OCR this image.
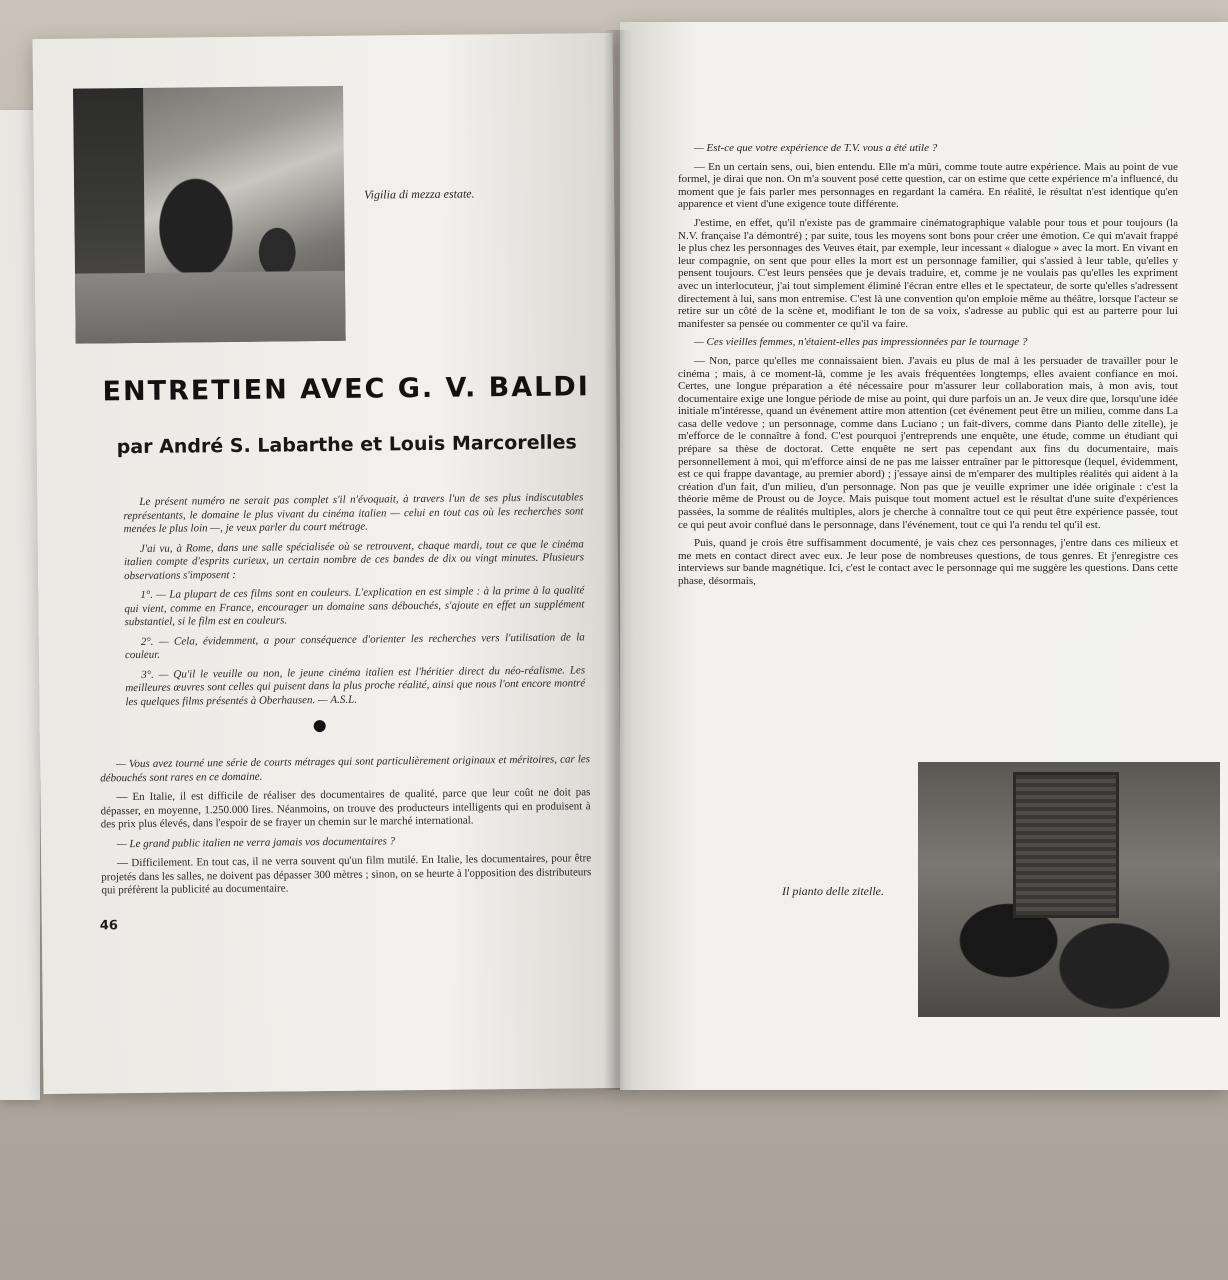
Vigilia di mezza estate.
ENTRETIEN AVEC G. V. BALDI
par André S. Labarthe et Louis Marcorelles

Le présent numéro ne serait pas complet s'il n'évoquait, à travers l'un de ses plus indiscutables représentants, le domaine le plus vivant du cinéma italien — celui en tout cas où les recherches sont menées le plus loin —, je veux parler du court métrage.

J'ai vu, à Rome, dans une salle spécialisée où se retrouvent, chaque mardi, tout ce que le cinéma italien compte d'esprits curieux, un certain nombre de ces bandes de dix ou vingt minutes. Plusieurs observations s'imposent :

1°. — La plupart de ces films sont en couleurs. L'explication en est simple : à la prime à la qualité qui vient, comme en France, encourager un domaine sans débouchés, s'ajoute en effet un supplément substantiel, si le film est en couleurs.

2°. — Cela, évidemment, a pour conséquence d'orienter les recherches vers l'utilisation de la couleur.

3°. — Qu'il le veuille ou non, le jeune cinéma italien est l'héritier direct du néo-réalisme. Les meilleures œuvres sont celles qui puisent dans la plus proche réalité, ainsi que nous l'ont encore montré les quelques films présentés à Oberhausen. — A.S.L.

— Vous avez tourné une série de courts métrages qui sont particulièrement originaux et méritoires, car les débouchés sont rares en ce domaine.

— En Italie, il est difficile de réaliser des documentaires de qualité, parce que leur coût ne doit pas dépasser, en moyenne, 1.250.000 lires. Néanmoins, on trouve des producteurs intelligents qui en produisent à des prix plus élevés, dans l'espoir de se frayer un chemin sur le marché international.

— Le grand public italien ne verra jamais vos documentaires ?

— Difficilement. En tout cas, il ne verra souvent qu'un film mutilé. En Italie, les documentaires, pour être projetés dans les salles, ne doivent pas dépasser 300 mètres ; sinon, on se heurte à l'opposition des distributeurs qui préfèrent la publicité au documentaire.

46

— Est-ce que votre expérience de T.V. vous a été utile ?

— En un certain sens, oui, bien entendu. Elle m'a mûri, comme toute autre expérience. Mais au point de vue formel, je dirai que non. On m'a souvent posé cette question, car on estime que cette expérience m'a influencé, du moment que je fais parler mes personnages en regardant la caméra. En réalité, le résultat n'est identique qu'en apparence et vient d'une exigence toute différente.

J'estime, en effet, qu'il n'existe pas de grammaire cinématographique valable pour tous et pour toujours (la N.V. française l'a démontré) ; par suite, tous les moyens sont bons pour créer une émotion. Ce qui m'avait frappé le plus chez les personnages des Veuves était, par exemple, leur incessant « dialogue » avec la mort. En vivant en leur compagnie, on sent que pour elles la mort est un personnage familier, qui s'assied à leur table, qu'elles y pensent toujours. C'est leurs pensées que je devais traduire, et, comme je ne voulais pas qu'elles les expriment avec un interlocuteur, j'ai tout simplement éliminé l'écran entre elles et le spectateur, de sorte qu'elles s'adressent directement à lui, sans mon entremise. C'est là une convention qu'on emploie même au théâtre, lorsque l'acteur se retire sur un côté de la scène et, modifiant le ton de sa voix, s'adresse au public qui est au parterre pour lui manifester sa pensée ou commenter ce qu'il va faire.

— Ces vieilles femmes, n'étaient-elles pas impressionnées par le tournage ?

— Non, parce qu'elles me connaissaient bien. J'avais eu plus de mal à les persuader de travailler pour le cinéma ; mais, à ce moment-là, comme je les avais fréquentées longtemps, elles avaient confiance en moi. Certes, une longue préparation a été nécessaire pour m'assurer leur collaboration mais, à mon avis, tout documentaire exige une longue période de mise au point, qui dure parfois un an. Je veux dire que, lorsqu'une idée initiale m'intéresse, quand un événement attire mon attention (cet événement peut être un milieu, comme dans La casa delle vedove ; un personnage, comme dans Luciano ; un fait-divers, comme dans Pianto delle zitelle), je m'efforce de le connaître à fond. C'est pourquoi j'entreprends une enquête, une étude, comme un étudiant qui prépare sa thèse de doctorat. Cette enquête ne sert pas cependant aux fins du documentaire, mais personnellement à moi, qui m'efforce ainsi de ne pas me laisser entraîner par le pittoresque (lequel, évidemment, est ce qui frappe davantage, au premier abord) ; j'essaye ainsi de m'emparer des multiples réalités qui aident à la création d'un fait, d'un milieu, d'un personnage. Non pas que je veuille exprimer une idée originale : c'est la théorie même de Proust ou de Joyce. Mais puisque tout moment actuel est le résultat d'une suite d'expériences passées, la somme de réalités multiples, alors je cherche à connaître tout ce qui peut être expérience passée, tout ce qui peut avoir conflué dans le personnage, dans l'événement, tout ce qui l'a rendu tel qu'il est.

Puis, quand je crois être suffisamment documenté, je vais chez ces personnages, j'entre dans ces milieux et me mets en contact direct avec eux. Je leur pose de nombreuses questions, de tous genres. Et j'enregistre ces interviews sur bande magnétique. Ici, c'est le contact avec le personnage qui me suggère les questions. Dans cette phase, désormais,

Il pianto delle zitelle.
